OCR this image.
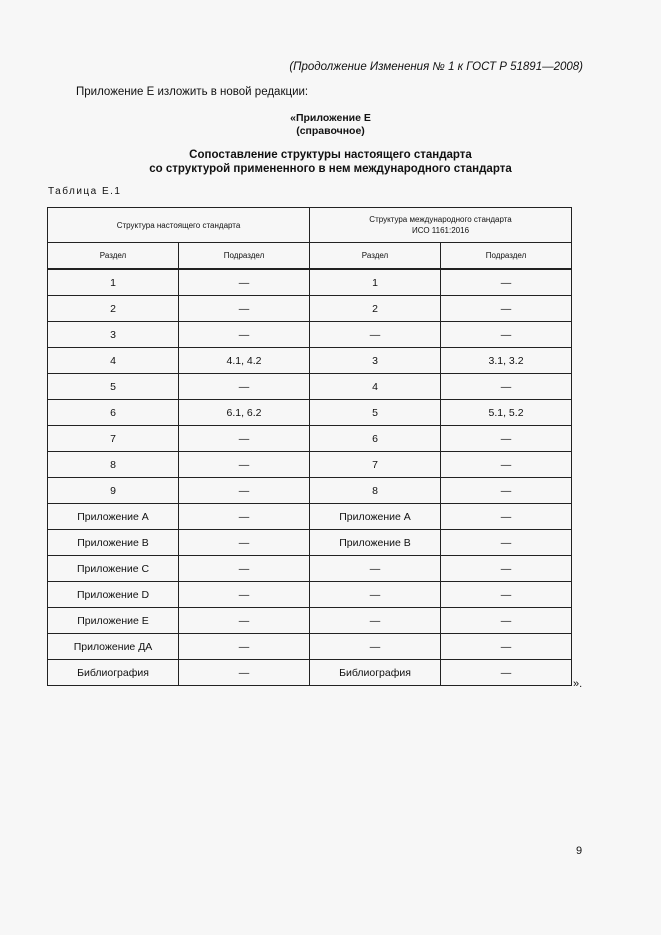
(Продолжение Изменения № 1 к ГОСТ Р 51891—2008)
Приложение Е изложить в новой редакции:
«Приложение Е
(справочное)
Сопоставление структуры настоящего стандарта
со структурой примененного в нем международного стандарта
Таблица Е.1
Структура настоящего стандарта		Структура международного стандарта
ИСО 1161:2016	

Раздел	Подраздел	Раздел	Подраздел
1	—	1	—
2	—	2	—
3	—	—	—
4	4.1, 4.2	3	3.1, 3.2
5	—	4	—
6	6.1, 6.2	5	5.1, 5.2
7	—	6	—
8	—	7	—
9	—	8	—
Приложение А	—	Приложение А	—
Приложение В	—	Приложение В	—
Приложение С	—	—	—
Приложение D	—	—	—
Приложение Е	—	—	—
Приложение ДА	—	—	—
Библиография	—	Библиография	—
».
9
